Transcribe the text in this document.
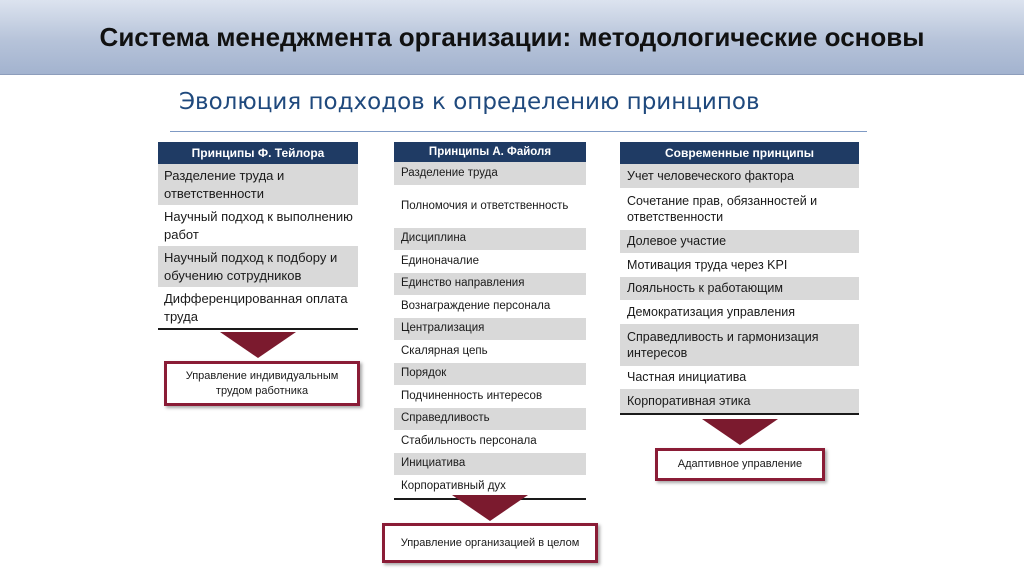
Система менеджмента организации: методологические основы
Эволюция подходов к определению принципов
Принципы Ф. Тейлора
Разделение труда и ответственности
Научный подход к выполнению работ
Научный подход к подбору и обучению сотрудников
Дифференцированная оплата труда
Управление индивидуальным трудом работника
Принципы А. Файоля
Разделение труда
Полномочия и ответственность
Дисциплина
Единоначалие
Единство направления
Вознаграждение персонала
Централизация
Скалярная цепь
Порядок
Подчиненность интересов
Справедливость
Стабильность персонала
Инициатива
Корпоративный дух
Управление организацией в целом
Современные принципы
Учет человеческого фактора
Сочетание прав, обязанностей и ответственности
Долевое участие
Мотивация труда через KPI
Лояльность к работающим
Демократизация управления
Справедливость и гармонизация интересов
Частная инициатива
Корпоративная этика
Адаптивное управление
